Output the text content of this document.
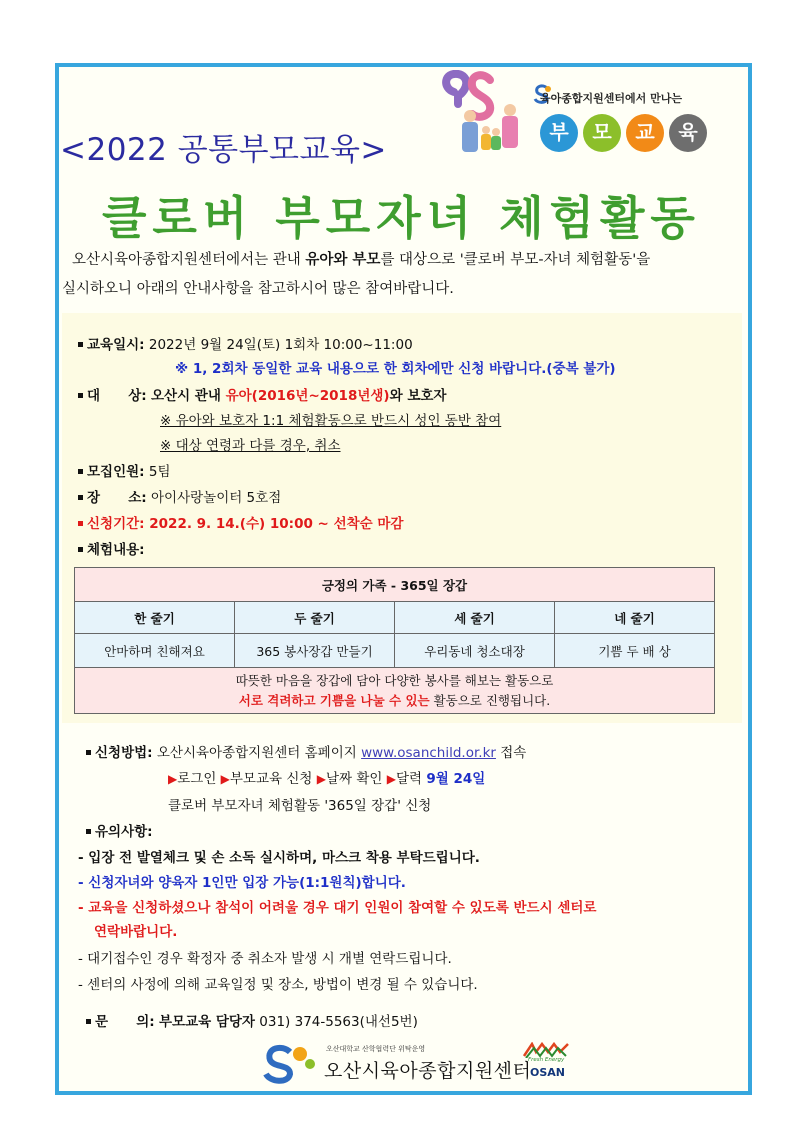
<2022 공통부모교육>
클로버 부모자녀 체험활동
육아종합지원센터에서 만나는
부	모	교	육
오산시육아종합지원센터에서는 관내 유아와 부모를 대상으로 '클로버 부모-자녀 체험활동'을
실시하오니 아래의 안내사항을 참고하시어 많은 참여바랍니다.
교육일시: 2022년 9월 24일(토) 1회차 10:00~11:00
※ 1, 2회차 동일한 교육 내용으로 한 회차에만 신청 바랍니다.(중복 불가)
대      상: 오산시 관내 유아(2016년~2018년생)와 보호자
※ 유아와 보호자 1:1 체험활동으로 반드시 성인 동반 참여
※ 대상 연령과 다를 경우, 취소
모집인원: 5팀
장      소: 아이사랑놀이터 5호점
신청기간: 2022. 9. 14.(수) 10:00 ~ 선착순 마감
체험내용:
긍정의 가족 - 365일 장갑			
한 줄기	두 줄기	세 줄기	네 줄기
안마하며 친해져요	365 봉사장갑 만들기	우리동네 청소대장	기쁨 두 배 상

따뜻한 마음을 장갑에 담아 다양한 봉사를 해보는 활동으로
서로 격려하고 기쁨을 나눌 수 있는 활동으로 진행됩니다.			
신청방법: 오산시육아종합지원센터 홈페이지 www.osanchild.or.kr 접속
▶로그인 ▶부모교육 신청 ▶날짜 확인 ▶달력 9월 24일
클로버 부모자녀 체험활동 '365일 장갑' 신청
유의사항:
- 입장 전 발열체크 및 손 소독 실시하며, 마스크 착용 부탁드립니다.
- 신청자녀와 양육자 1인만 입장 가능(1:1원칙)합니다.
- 교육을 신청하셨으나 참석이 어려울 경우 대기 인원이 참여할 수 있도록 반드시 센터로
연락바랍니다.
- 대기접수인 경우 확정자 중 취소자 발생 시 개별 연락드립니다.
- 센터의 사정에 의해 교육일정 및 장소, 방법이 변경 될 수 있습니다.
문      의: 부모교육 담당자 031) 374-5563(내선5번)
오산대학교 산학협력단 위탁운영
오산시육아종합지원센터
Fresh Energy
OSAN
